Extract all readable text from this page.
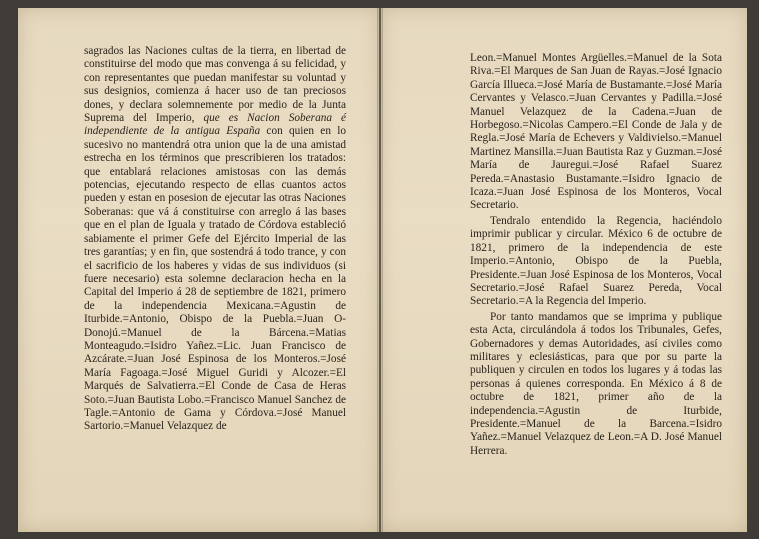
sagrados las Naciones cultas de la tierra, en libertad de constituirse del modo que mas convenga á su felicidad, y con representantes que puedan manifestar su voluntad y sus designios, comienza á hacer uso de tan preciosos dones, y declara solemnemente por medio de la Junta Suprema del Imperio, que es Nacion Soberana é independiente de la antigua España con quien en lo sucesivo no mantendrá otra union que la de una amistad estrecha en los términos que prescribieren los tratados: que entablará relaciones amistosas con las demás potencias, ejecutando respecto de ellas cuantos actos pueden y estan en posesion de ejecutar las otras Naciones Soberanas: que vá á constituirse con arreglo á las bases que en el plan de Iguala y tratado de Córdova estableció sabiamente el primer Gefe del Ejército Imperial de las tres garantías; y en fin, que sostendrá á todo trance, y con el sacrificio de los haberes y vidas de sus individuos (si fuere necesario) esta solemne declaracion hecha en la Capital del Imperio á 28 de septiembre de 1821, primero de la independencia Mexicana.=Agustin de Iturbide.=Antonio, Obispo de la Puebla.=Juan O-Donojú.=Manuel de la Bárcena.=Matias Monteagudo.=Isidro Yañez.=Lic. Juan Francisco de Azcárate.=Juan José Espinosa de los Monteros.=José María Fagoaga.=José Miguel Guridi y Alcozer.=El Marqués de Salvatierra.=El Conde de Casa de Heras Soto.=Juan Bautista Lobo.=Francisco Manuel Sanchez de Tagle.=Antonio de Gama y Córdova.=José Manuel Sartorio.=Manuel Velazquez de

Leon.=Manuel Montes Argüelles.=Manuel de la Sota Riva.=El Marques de San Juan de Rayas.=José Ignacio García Illueca.=José María de Bustamante.=José María Cervantes y Velasco.=Juan Cervantes y Padilla.=José Manuel Velazquez de la Cadena.=Juan de Horbegoso.=Nicolas Campero.=El Conde de Jala y de Regla.=José María de Echevers y Valdivielso.=Manuel Martinez Mansilla.=Juan Bautista Raz y Guzman.=José María de Jauregui.=José Rafael Suarez Pereda.=Anastasio Bustamante.=Isidro Ignacio de Icaza.=Juan José Espinosa de los Monteros, Vocal Secretario.

Tendralo entendido la Regencia, haciéndolo imprimir publicar y circular. México 6 de octubre de 1821, primero de la independencia de este Imperio.=Antonio, Obispo de la Puebla, Presidente.=Juan José Espinosa de los Monteros, Vocal Secretario.=José Rafael Suarez Pereda, Vocal Secretario.=A la Regencia del Imperio.

Por tanto mandamos que se imprima y publique esta Acta, circulándola á todos los Tribunales, Gefes, Gobernadores y demas Autoridades, así civiles como militares y eclesiásticas, para que por su parte la publiquen y circulen en todos los lugares y á todas las personas á quienes corresponda. En México á 8 de octubre de 1821, primer año de la independencia.=Agustin de Iturbide, Presidente.=Manuel de la Barcena.=Isidro Yañez.=Manuel Velazquez de Leon.=A D. José Manuel Herrera.
